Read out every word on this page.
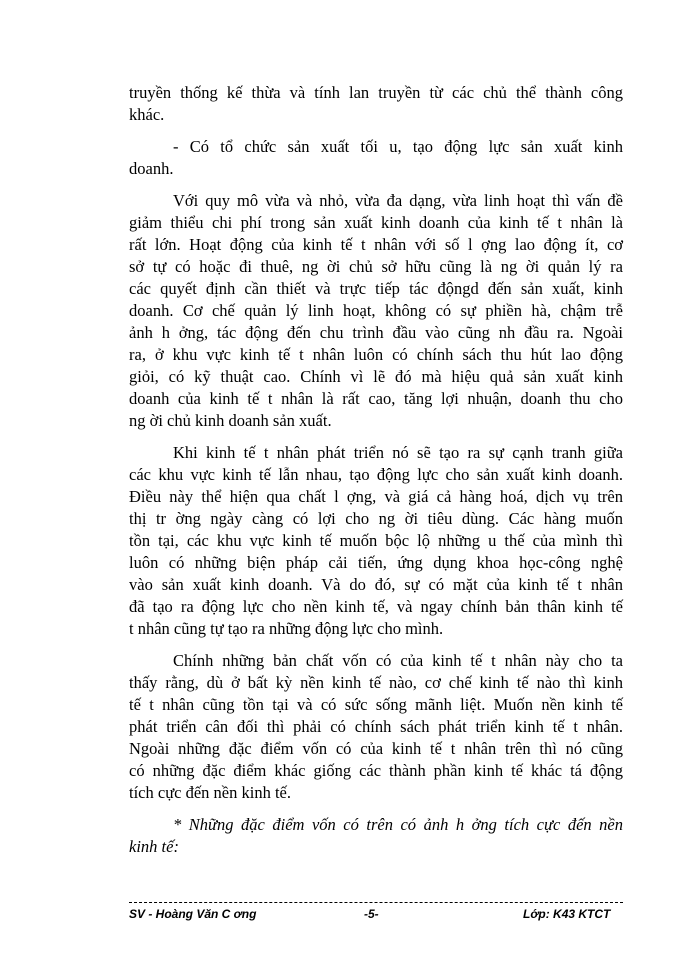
truyền thống kế thừa và tính lan truyền từ các chủ thể thành công
khác.
- Có tổ chức sản xuất tối u, tạo động lực sản xuất kinh
doanh.
Với quy mô vừa và nhỏ, vừa đa dạng, vừa linh hoạt thì vấn đề
giảm thiểu chi phí trong sản xuất kinh doanh của kinh tế t nhân là
rất lớn. Hoạt động của kinh tế t nhân với số l ợng lao động ít, cơ
sở tự có hoặc đi thuê, ng ời chủ sở hữu cũng là ng ời quản lý ra
các quyết định cần thiết và trực tiếp tác độngd đến sản xuất, kinh
doanh. Cơ chế quản lý linh hoạt, không có sự phiền hà, chậm trễ
ảnh h ởng, tác động đến chu trình đầu vào cũng nh đầu ra. Ngoài
ra, ở khu vực kinh tế t nhân luôn có chính sách thu hút lao động
giỏi, có kỹ thuật cao. Chính vì lẽ đó mà hiệu quả sản xuất kinh
doanh của kinh tế t nhân là rất cao, tăng lợi nhuận, doanh thu cho
ng ời chủ kinh doanh sản xuất.
Khi kinh tế t nhân phát triển nó sẽ tạo ra sự cạnh tranh giữa
các khu vực kinh tế lẫn nhau, tạo động lực cho sản xuất kinh doanh.
Điều này thể hiện qua chất l ợng, và giá cả hàng hoá, dịch vụ trên
thị tr ờng ngày càng có lợi cho ng ời tiêu dùng. Các hàng muốn
tồn tại, các khu vực kinh tế muốn bộc lộ những u thế của mình thì
luôn có những biện pháp cải tiến, ứng dụng khoa học-công nghệ
vào sản xuất kinh doanh. Và do đó, sự có mặt của kinh tế t nhân
đã tạo ra động lực cho nền kinh tế, và ngay chính bản thân kinh tế
t nhân cũng tự tạo ra những động lực cho mình.
Chính những bản chất vốn có của kinh tế t nhân này cho ta
thấy rằng, dù ở bất kỳ nền kinh tế nào, cơ chế kinh tế nào thì kinh
tế t nhân cũng tồn tại và có sức sống mãnh liệt. Muốn nền kinh tế
phát triển cân đối thì phải có chính sách phát triển kinh tế t nhân.
Ngoài những đặc điểm vốn có của kinh tế t nhân trên thì nó cũng
có những đặc điểm khác giống các thành phần kinh tế khác tá động
tích cực đến nền kinh tế.
* Những đặc điểm vốn có trên có ảnh h ởng tích cực đến nền
kinh tế:
SV - Hoàng Văn C ơng	-5-	Lớp: K43 KTCT
